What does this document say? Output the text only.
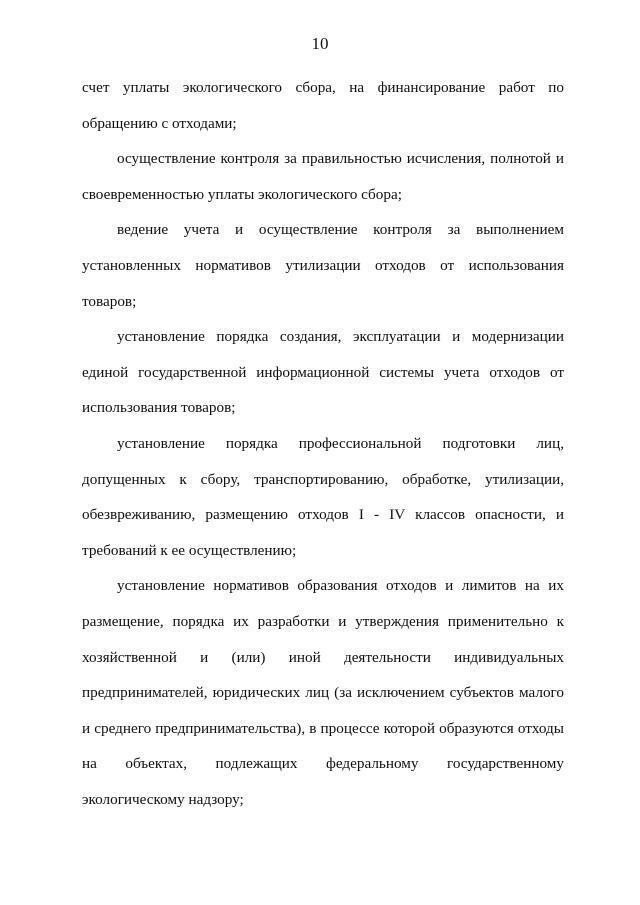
10

счет уплаты экологического сбора, на финансирование работ по обращению с отходами;

осуществление контроля за правильностью исчисления, полнотой и своевременностью уплаты экологического сбора;

ведение учета и осуществление контроля за выполнением установленных нормативов утилизации отходов от использования товаров;

установление порядка создания, эксплуатации и модернизации единой государственной информационной системы учета отходов от использования товаров;

установление порядка профессиональной подготовки лиц, допущенных к сбору, транспортированию, обработке, утилизации, обезвреживанию, размещению отходов I - IV классов опасности, и требований к ее осуществлению;

установление нормативов образования отходов и лимитов на их размещение, порядка их разработки и утверждения применительно к хозяйственной и (или) иной деятельности индивидуальных предпринимателей, юридических лиц (за исключением субъектов малого и среднего предпринимательства), в процессе которой образуются отходы на объектах, подлежащих федеральному государственному экологическому надзору;
